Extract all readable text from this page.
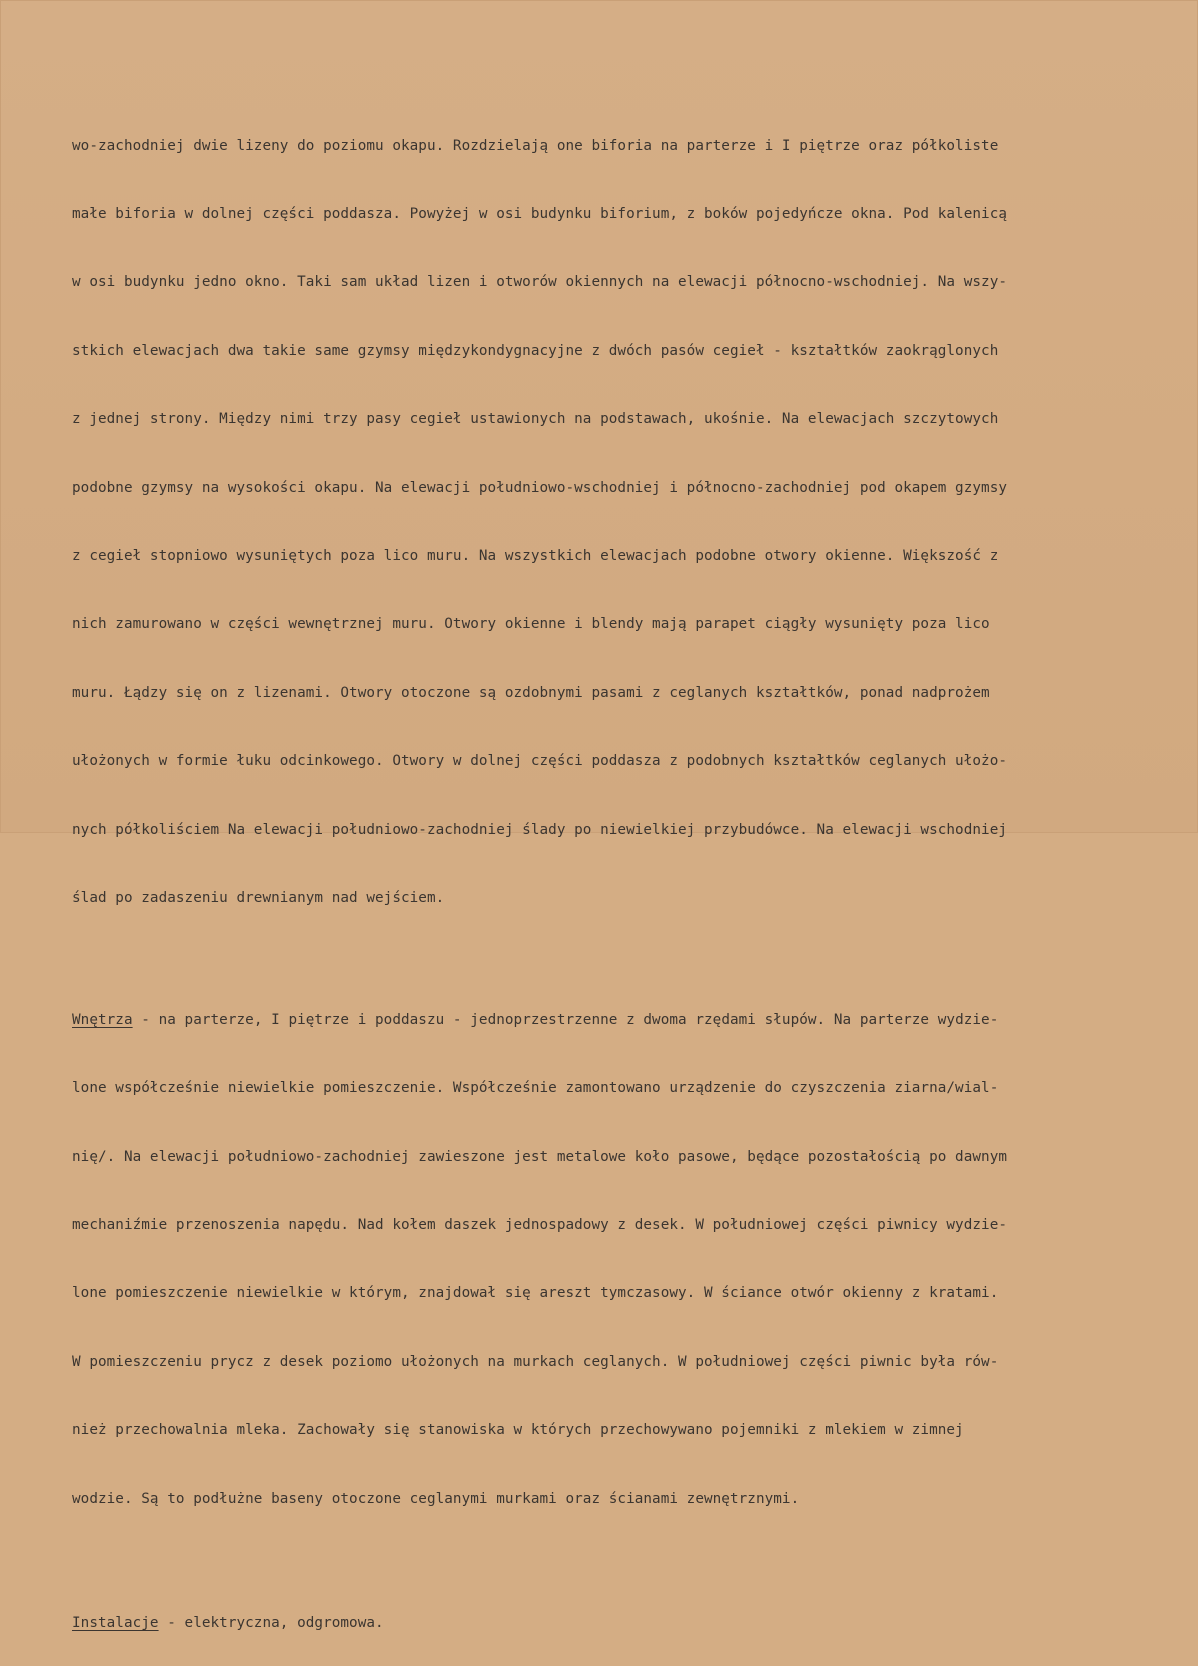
wo-zachodniej dwie lizeny do poziomu okapu. Rozdzielają one biforia na parterze i I piętrze oraz półkoliste

małe biforia w dolnej części poddasza. Powyżej w osi budynku biforium, z boków pojedyńcze okna. Pod kalenicą

w osi budynku jedno okno. Taki sam układ lizen i otworów okiennych na elewacji północno-wschodniej. Na wszy-

stkich elewacjach dwa takie same gzymsy międzykondygnacyjne z dwóch pasów cegieł - kształtków zaokrąglonych

z jednej strony. Między nimi trzy pasy cegieł ustawionych na podstawach, ukośnie. Na elewacjach szczytowych

podobne gzymsy na wysokości okapu. Na elewacji południowo-wschodniej i północno-zachodniej pod okapem gzymsy

z cegieł stopniowo wysuniętych poza lico muru. Na wszystkich elewacjach podobne otwory okienne. Większość z

nich zamurowano w części wewnętrznej muru. Otwory okienne i blendy mają parapet ciągły wysunięty poza lico

muru. Łądzy się on z lizenami. Otwory otoczone są ozdobnymi pasami z ceglanych kształtków, ponad nadprożem

ułożonych w formie łuku odcinkowego. Otwory w dolnej części poddasza z podobnych kształtków ceglanych ułożo-

nych półkoliściem Na elewacji południowo-zachodniej ślady po niewielkiej przybudówce. Na elewacji wschodniej

ślad po zadaszeniu drewnianym nad wejściem.

Wnętrza - na parterze, I piętrze i poddaszu - jednoprzestrzenne z dwoma rzędami słupów. Na parterze wydzie-

lone współcześnie niewielkie pomieszczenie. Współcześnie zamontowano urządzenie do czyszczenia ziarna/wial-

nię/. Na elewacji południowo-zachodniej zawieszone jest metalowe koło pasowe, będące pozostałością po dawnym

mechaniźmie przenoszenia napędu. Nad kołem daszek jednospadowy z desek. W południowej części piwnicy wydzie-

lone pomieszczenie niewielkie w którym, znajdował się areszt tymczasowy. W ściance otwór okienny z kratami.

W pomieszczeniu prycz z desek poziomo ułożonych na murkach ceglanych. W południowej części piwnic była rów-

nież przechowalnia mleka. Zachowały się stanowiska w których przechowywano pojemniki z mlekiem w zimnej

wodzie. Są to podłużne baseny otoczone ceglanymi murkami oraz ścianami zewnętrznymi.

Instalacje - elektryczna, odgromowa.
